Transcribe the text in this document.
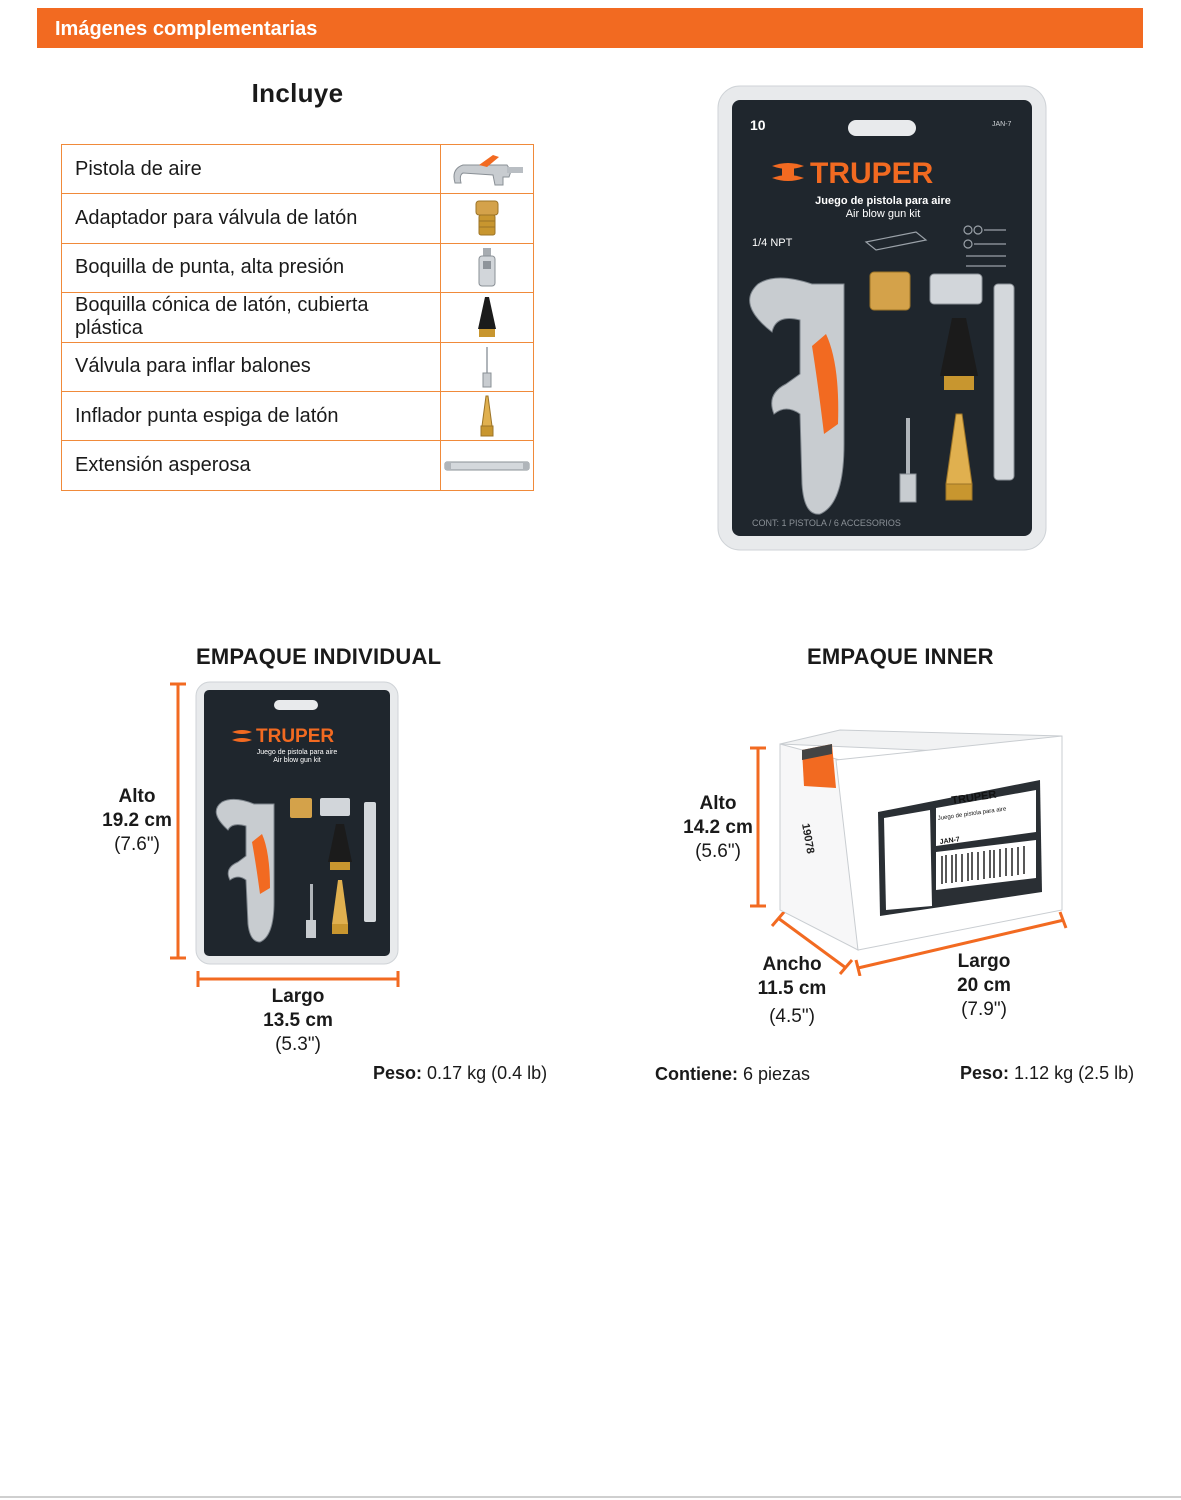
Imágenes complementarias
Incluye
Pistola de aire	

Adaptador para válvula de latón	

Boquilla de punta, alta presión	

Boquilla cónica de latón, cubierta plástica	

Válvula para inflar balones	

Inflador punta espiga de latón	

Extensión asperosa	
10	JAN-7
TRUPER
Juego de pistola para aire
Air blow gun kit
1/4 NPT
CONT: 1 PISTOLA / 6 ACCESORIOS
EMPAQUE INDIVIDUAL
TRUPER
Juego de pistola para aire
Air blow gun kit
Alto
19.2 cm
(7.6")
Largo
13.5 cm
(5.3")
Peso: 0.17 kg (0.4 lb)
EMPAQUE INNER
TRUPER
Juego de pistola para aire
JAN-7
19078
19078
Alto
14.2 cm
(5.6")
Ancho
11.5 cm
(4.5")
Largo
20 cm
(7.9")
Contiene: 6 piezas	Peso: 1.12 kg (2.5 lb)
